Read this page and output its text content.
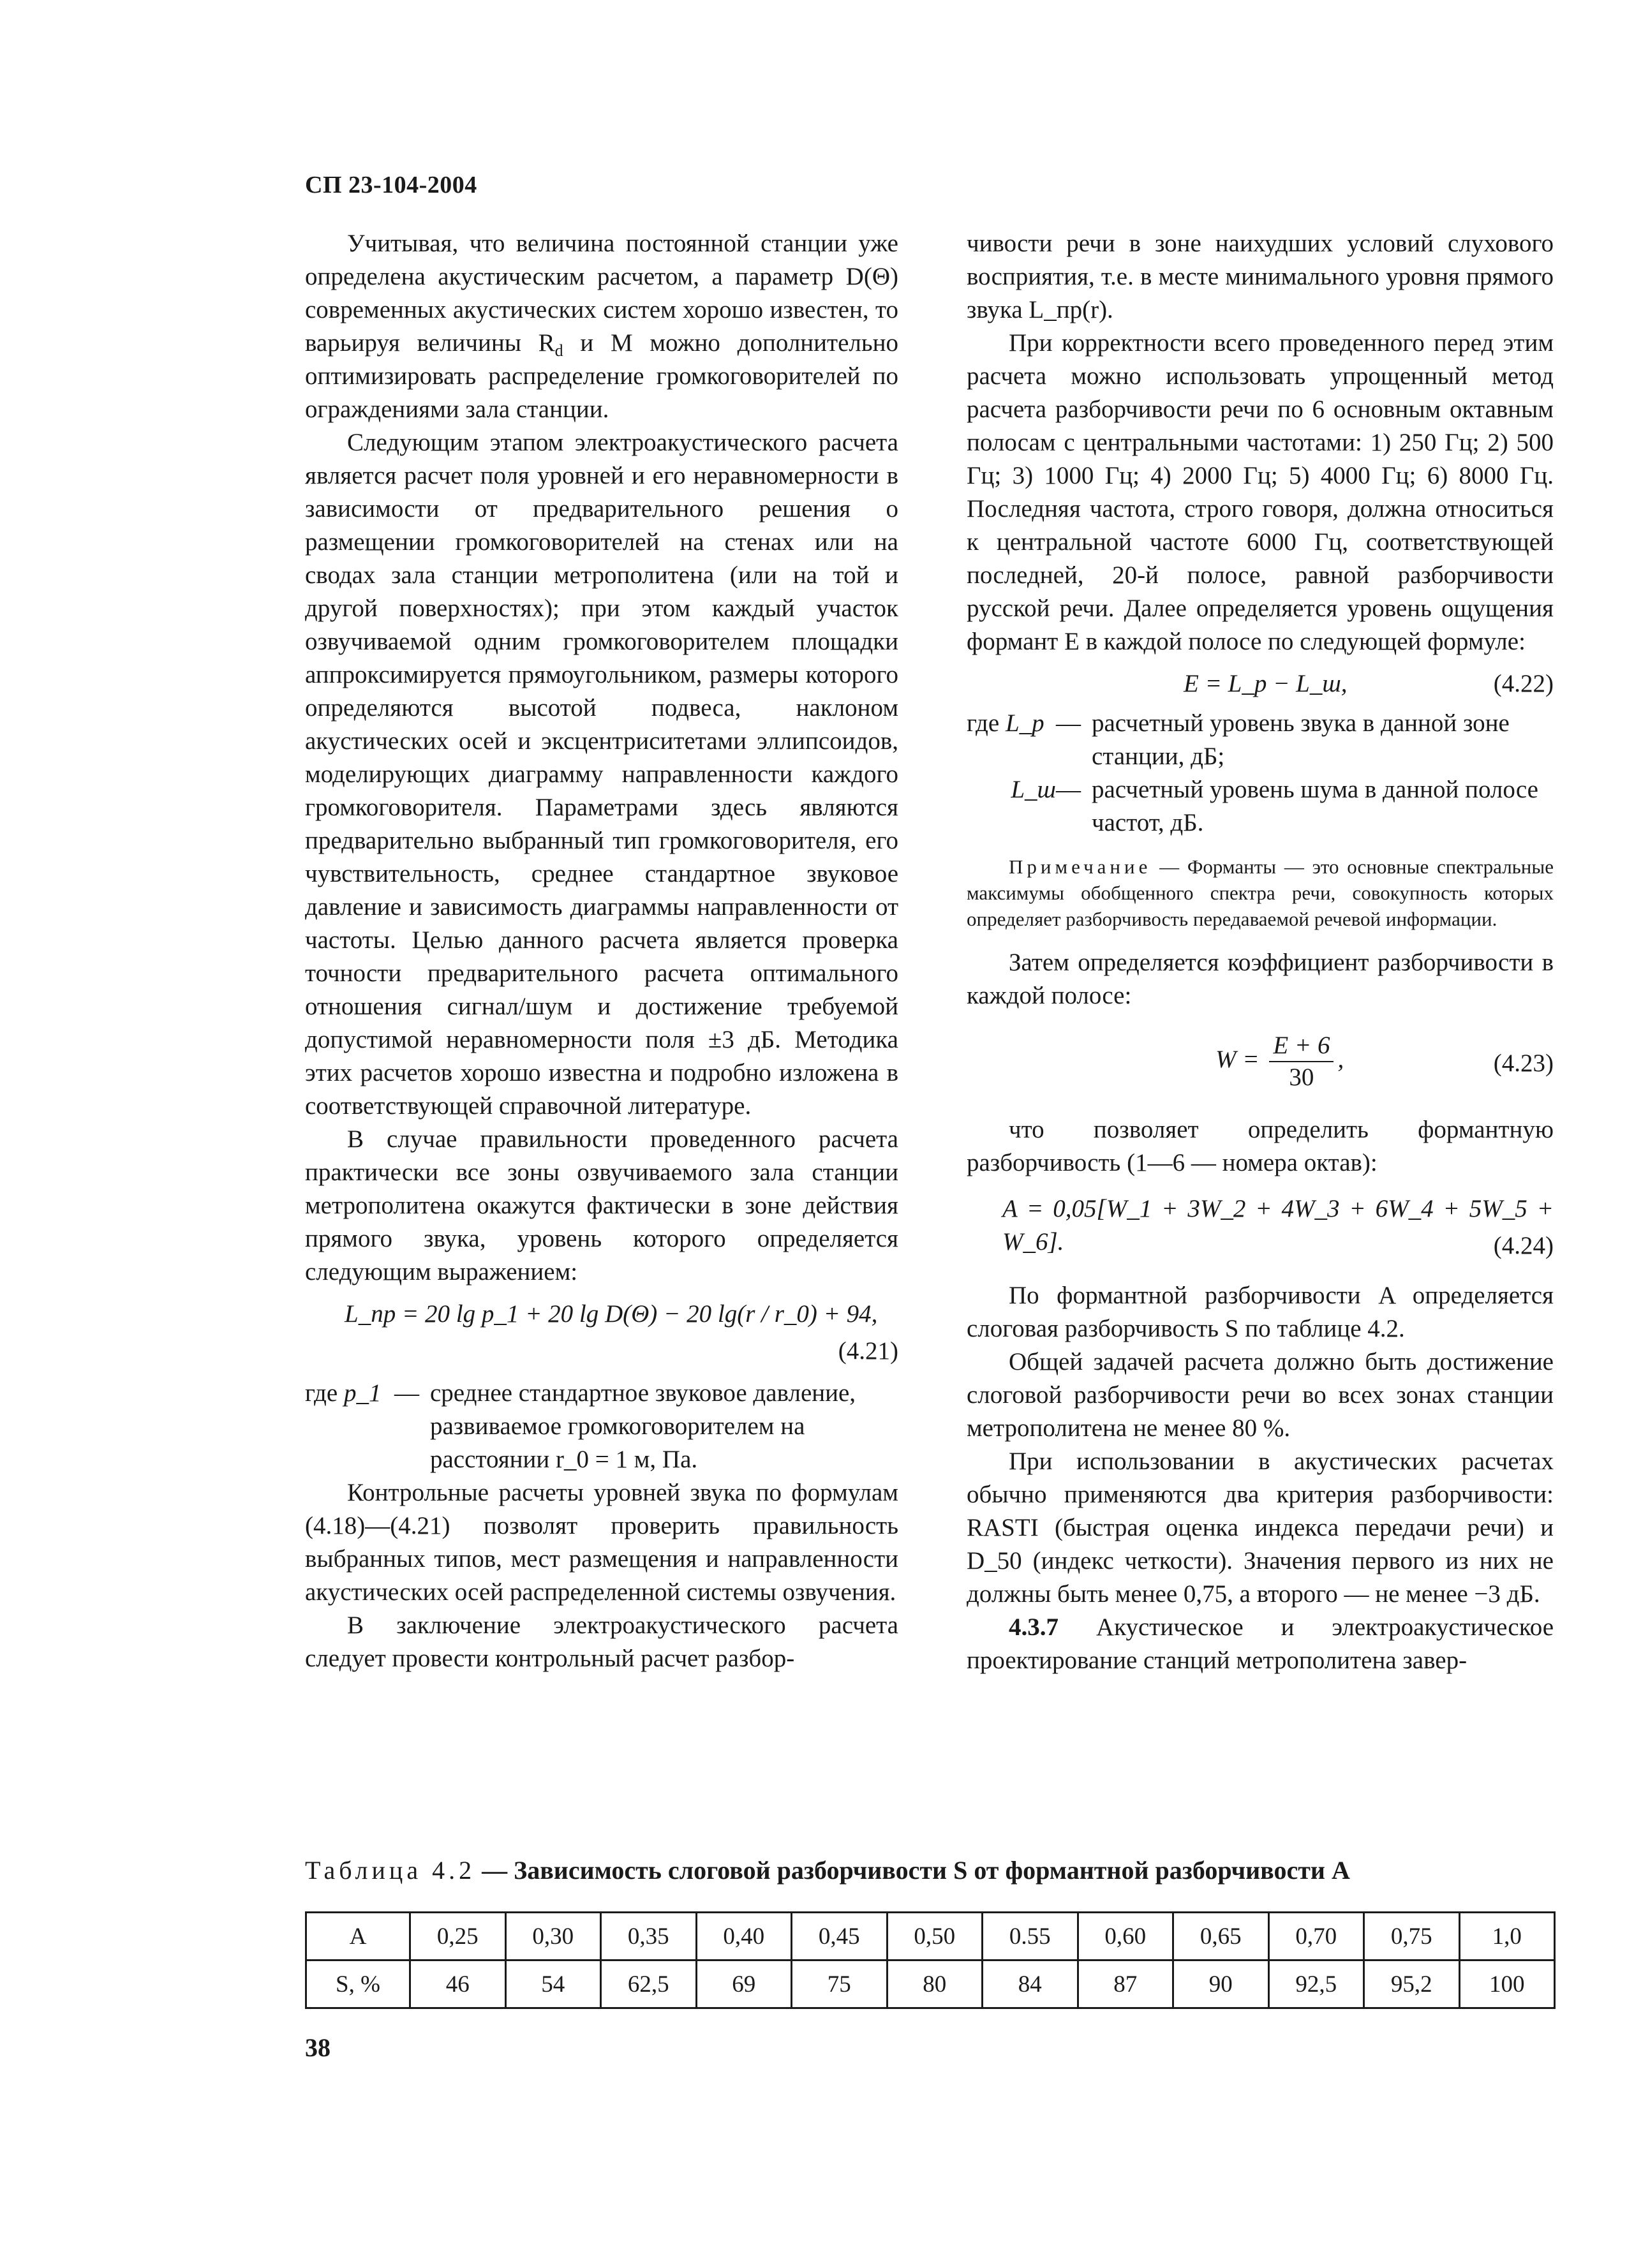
СП 23-104-2004

Учитывая, что величина постоянной станции уже определена акустическим расчетом, а параметр D(Θ) современных акустических систем хорошо известен, то варьируя величины $R_d$ и М можно дополнительно оптимизировать распределение громкоговорителей по ограждениями зала станции.

Следующим этапом электроакустического расчета является расчет поля уровней и его неравномерности в зависимости от предварительного решения о размещении громкоговорителей на стенах или на сводах зала станции метрополитена (или на той и другой поверхностях); при этом каждый участок озвучиваемой одним громкоговорителем площадки аппроксимируется прямоугольником, размеры которого определяются высотой подвеса, наклоном акустических осей и эксцентриситетами эллипсоидов, моделирующих диаграмму направленности каждого громкоговорителя. Параметрами здесь являются предварительно выбранный тип громкоговорителя, его чувствительность, среднее стандартное звуковое давление и зависимость диаграммы направленности от частоты. Целью данного расчета является проверка точности предварительного расчета оптимального отношения сигнал/шум и достижение требуемой допустимой неравномерности поля ±3 дБ. Методика этих расчетов хорошо известна и подробно изложена в соответствующей справочной литературе.

В случае правильности проведенного расчета практически все зоны озвучиваемого зала станции метрополитена окажутся фактически в зоне действия прямого звука, уровень которого определяется следующим выражением:

L_пр = 20 lg p_1 + 20 lg D(Θ) − 20 lg(r / r_0) + 94,
(4.21)
где p_1 — среднее стандартное звуковое давление, развиваемое громкоговорителем на расстоянии r_0 = 1 м, Па.

Контрольные расчеты уровней звука по формулам (4.18)—(4.21) позволят проверить правильность выбранных типов, мест размещения и направленности акустических осей распределенной системы озвучения.

В заключение электроакустического расчета следует провести контрольный расчет разбор-

чивости речи в зоне наихудших условий слухового восприятия, т.е. в месте минимального уровня прямого звука L_пр(r).

При корректности всего проведенного перед этим расчета можно использовать упрощенный метод расчета разборчивости речи по 6 основным октавным полосам с центральными частотами: 1) 250 Гц; 2) 500 Гц; 3) 1000 Гц; 4) 2000 Гц; 5) 4000 Гц; 6) 8000 Гц. Последняя частота, строго говоря, должна относиться к центральной частоте 6000 Гц, соответствующей последней, 20-й полосе, равной разборчивости русской речи. Далее определяется уровень ощущения формант E в каждой полосе по следующей формуле:

E = L_р − L_ш,	(4.22)
где L_р — расчетный уровень звука в данной зоне станции, дБ;
L_ш — расчетный уровень шума в данной полосе частот, дБ.

Примечание — Форманты — это основные спектральные максимумы обобщенного спектра речи, совокупность которых определяет разборчивость передаваемой речевой информации.

Затем определяется коэффициент разборчивости в каждой полосе:

$W = \frac{E + 6}{30}$ ,	(4.23)

что позволяет определить формантную разборчивость (1—6 — номера октав):

A = 0,05[W_1 + 3W_2 + 4W_3 + 6W_4 + 5W_5 + W_6].	(4.24)

По формантной разборчивости A определяется слоговая разборчивость S по таблице 4.2.

Общей задачей расчета должно быть достижение слоговой разборчивости речи во всех зонах станции метрополитена не менее 80 %.

При использовании в акустических расчетах обычно применяются два критерия разборчивости: RASTI (быстрая оценка индекса передачи речи) и D_50 (индекс четкости). Значения первого из них не должны быть менее 0,75, а второго — не менее −3 дБ.

4.3.7 Акустическое и электроакустическое проектирование станций метрополитена завер-

Таблица 4.2 — Зависимость слоговой разборчивости S от формантной разборчивости A
A	0,25	0,30	0,35	0,40	0,45	0,50	0.55	0,60	0,65	0,70	0,75	1,0
S, %	46	54	62,5	69	75	80	84	87	90	92,5	95,2	100
38
